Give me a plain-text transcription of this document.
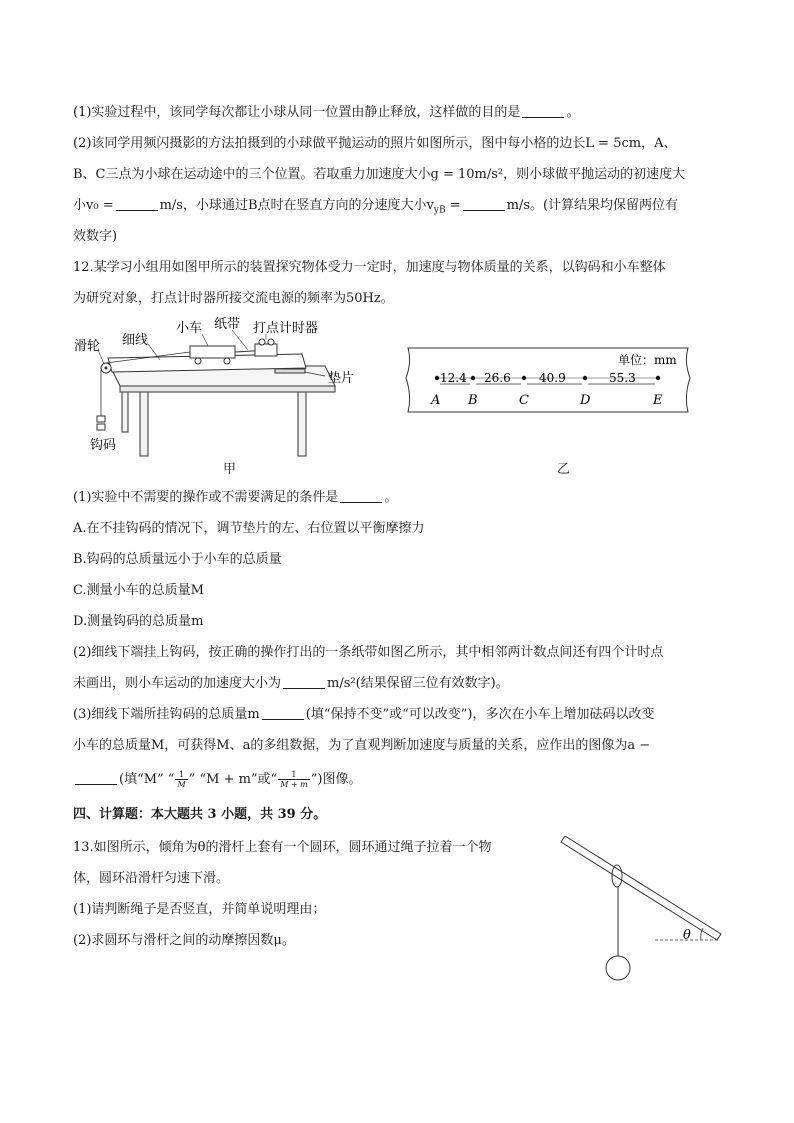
(1)实验过程中，该同学每次都让小球从同一位置由静止释放，这样做的目的是	。
(2)该同学用频闪摄影的方法拍摄到的小球做平抛运动的照片如图所示，图中每小格的边长L = 5cm，A、
B、C三点为小球在运动途中的三个位置。若取重力加速度大小g = 10m/s²，则小球做平抛运动的初速度大
小v₀ =	m/s，小球通过B点时在竖直方向的分速度大小$v_{yB}$ =	m/s。(计算结果均保留两位有
效数字)
12.某学习小组用如图甲所示的装置探究物体受力一定时，加速度与物体质量的关系，以钩码和小车整体
为研究对象，打点计时器所接交流电源的频率为50Hz。
滑轮 细线
小车 纸带 打点计时器
垫片
钩码
甲
单位：mm
12.4 26.6 40.9	55.3
A B	C	D	E
乙
(1)实验中不需要的操作或不需要满足的条件是	。
A.在不挂钩码的情况下，调节垫片的左、右位置以平衡摩擦力
B.钩码的总质量远小于小车的总质量
C.测量小车的总质量M
D.测量钩码的总质量m
(2)细线下端挂上钩码，按正确的操作打出的一条纸带如图乙所示，其中相邻两计数点间还有四个计时点
未画出，则小车运动的加速度大小为	m/s²(结果保留三位有效数字)。
(3)细线下端所挂钩码的总质量m	(填“保持不变”或“可以改变”)，多次在小车上增加砝码以改变
小车的总质量M，可获得M、a的多组数据，为了直观判断加速度与质量的关系，应作出的图像为a −
(填“M” “ $\frac{1}{M}$ ” “M + m”或“ $\frac{1}{M + m}$ ”)图像。
四、计算题：本大题共 3 小题，共 39 分。
13.如图所示，倾角为θ的滑杆上套有一个圆环，圆环通过绳子拉着一个物
体，圆环沿滑杆匀速下滑。
(1)请判断绳子是否竖直，并简单说明理由；
(2)求圆环与滑杆之间的动摩擦因数μ。	θ
